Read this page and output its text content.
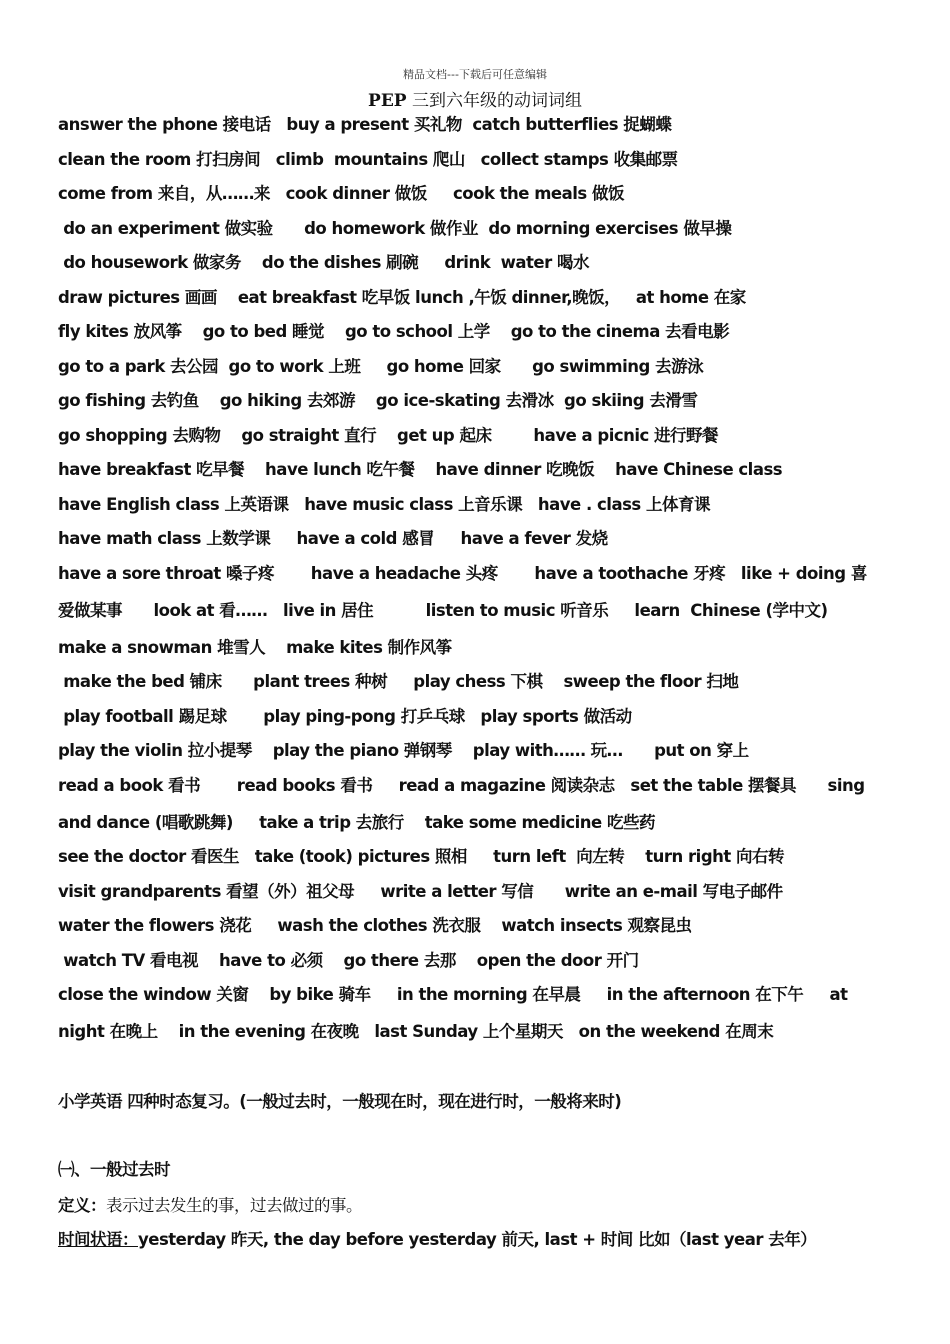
精品文档---下载后可任意编辑
PEP 三到六年级的动词词组
answer the phone 接电话   buy a present 买礼物  catch butterflies 捉蝴蝶
clean the room 打扫房间   climb  mountains 爬山   collect stamps 收集邮票
come from 来自，从……来   cook dinner 做饭     cook the meals 做饭
do an experiment 做实验      do homework 做作业  do morning exercises 做早操
do housework 做家务    do the dishes 刷碗     drink  water 喝水
draw pictures 画画    eat breakfast 吃早饭 lunch ,午饭 dinner,晚饭，   at home 在家
fly kites 放风筝    go to bed 睡觉    go to school 上学    go to the cinema 去看电影
go to a park 去公园  go to work 上班     go home 回家      go swimming 去游泳
go fishing 去钓鱼    go hiking 去郊游    go ice-skating 去滑冰  go skiing 去滑雪
go shopping 去购物    go straight 直行    get up 起床        have a picnic 进行野餐
have breakfast 吃早餐    have lunch 吃午餐    have dinner 吃晚饭    have Chinese class
have English class 上英语课   have music class 上音乐课   have . class 上体育课
have math class 上数学课     have a cold 感冒     have a fever 发烧
have a sore throat 嗓子疼       have a headache 头疼       have a toothache 牙疼   like + doing 喜
爱做某事      look at 看……   live in 居住          listen to music 听音乐     learn  Chinese (学中文)
make a snowman 堆雪人    make kites 制作风筝
make the bed 铺床      plant trees 种树     play chess 下棋    sweep the floor 扫地
play football 踢足球       play ping-pong 打乒乓球   play sports 做活动
play the violin 拉小提琴    play the piano 弹钢琴    play with…… 玩…      put on 穿上
read a book 看书       read books 看书     read a magazine 阅读杂志   set the table 摆餐具      sing
and dance (唱歌跳舞)     take a trip 去旅行    take some medicine 吃些药
see the doctor 看医生   take (took) pictures 照相     turn left  向左转    turn right 向右转
visit grandparents 看望（外）祖父母     write a letter 写信      write an e-mail 写电子邮件
water the flowers 浇花     wash the clothes 洗衣服    watch insects 观察昆虫
watch TV 看电视    have to 必须    go there 去那    open the door 开门
close the window 关窗    by bike 骑车     in the morning 在早晨     in the afternoon 在下午     at
night 在晚上    in the evening 在夜晚   last Sunday 上个星期天   on the weekend 在周末
小学英语 四种时态复习。(一般过去时，一般现在时，现在进行时，一般将来时)
㈠、一般过去时
定义：表示过去发生的事，过去做过的事。
时间状语：yesterday 昨天, the day before yesterday 前天, last + 时间 比如（last year 去年）
